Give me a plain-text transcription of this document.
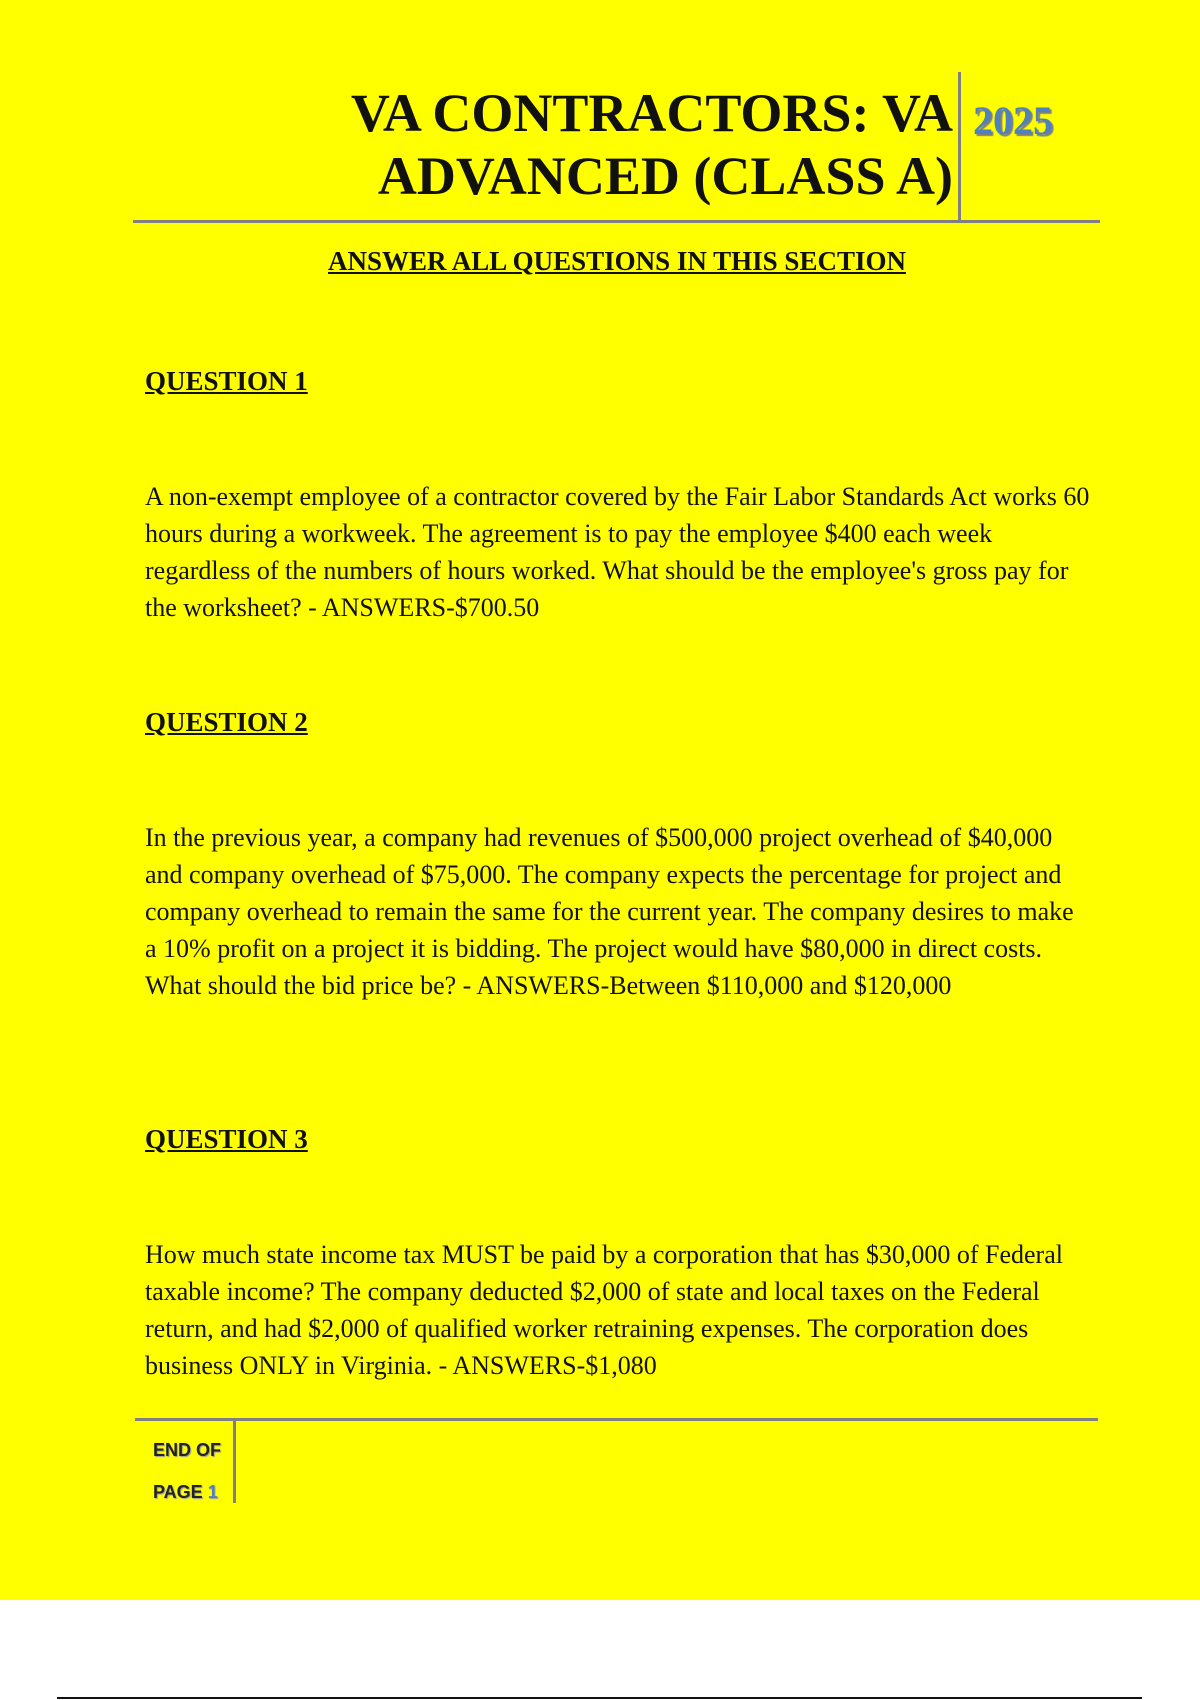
VA CONTRACTORS: VA
ADVANCED (CLASS A)
2025
ANSWER ALL QUESTIONS IN THIS SECTION
QUESTION 1
A non-exempt employee of a contractor covered by the Fair Labor Standards Act works 60 hours during a workweek. The agreement is to pay the employee $400 each week regardless of the numbers of hours worked. What should be the employee's gross pay for the worksheet? - ANSWERS-$700.50
QUESTION 2
In the previous year, a company had revenues of $500,000 project overhead of $40,000 and company overhead of $75,000. The company expects the percentage for project and company overhead to remain the same for the current year. The company desires to make a 10% profit on a project it is bidding. The project would have $80,000 in direct costs. What should the bid price be? - ANSWERS-Between $110,000 and $120,000
QUESTION 3
How much state income tax MUST be paid by a corporation that has $30,000 of Federal taxable income? The company deducted $2,000 of state and local taxes on the Federal return, and had $2,000 of qualified worker retraining expenses. The corporation does business ONLY in Virginia. - ANSWERS-$1,080
END OF
PAGE 1
